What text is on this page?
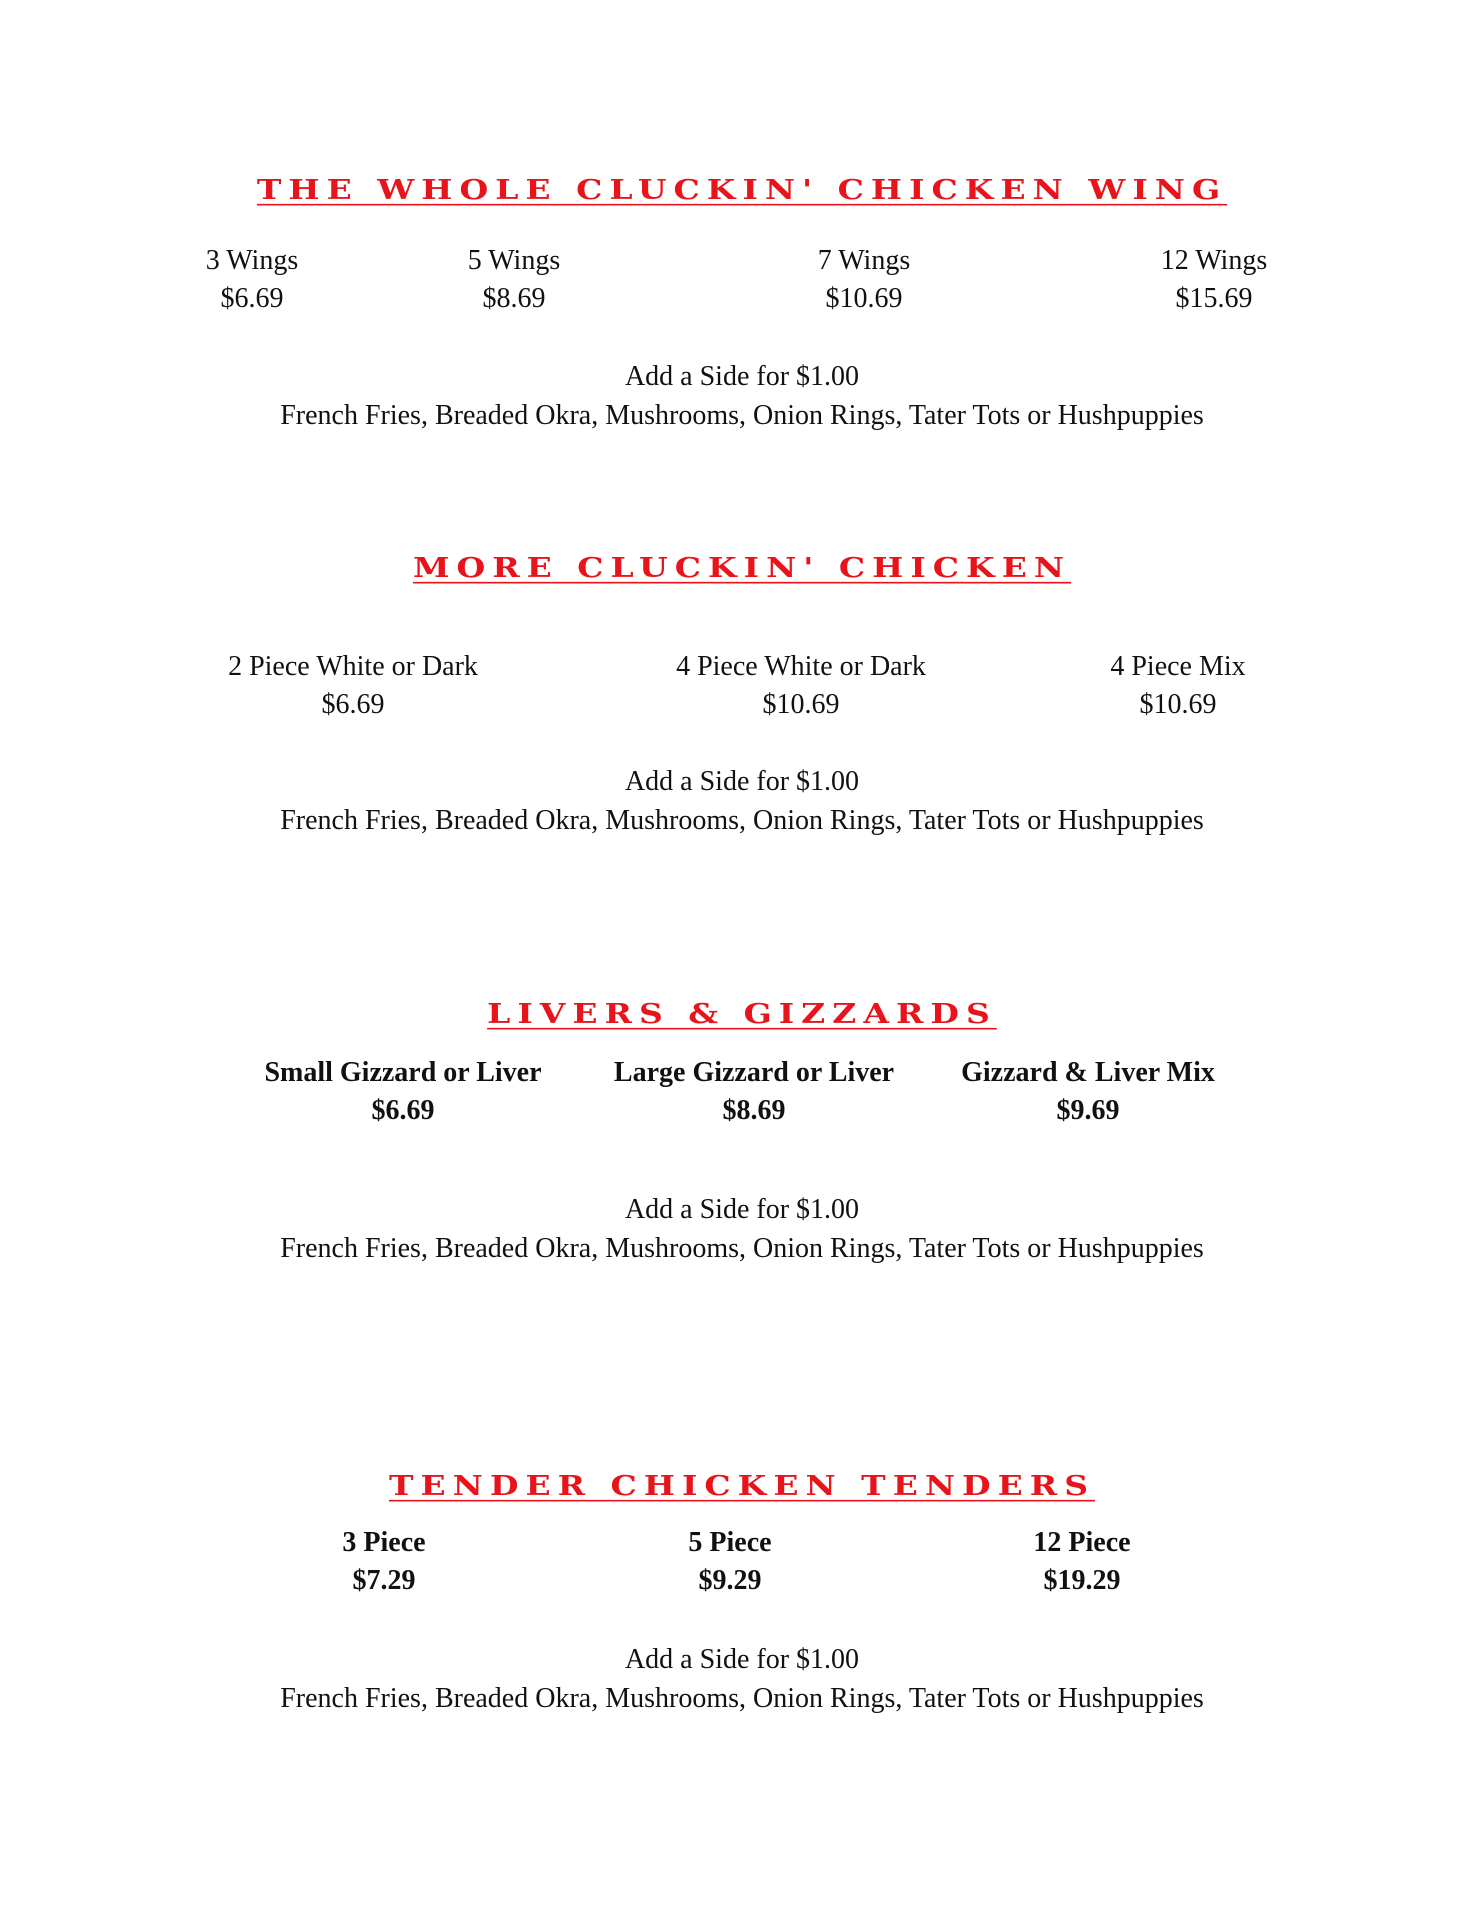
THE WHOLE CLUCKIN' CHICKEN WING
3 Wings
$6.69
5 Wings
$8.69
7 Wings
$10.69
12 Wings
$15.69
Add a Side for $1.00
French Fries, Breaded Okra, Mushrooms, Onion Rings, Tater Tots or Hushpuppies
MORE CLUCKIN' CHICKEN
2 Piece White or Dark
$6.69
4 Piece White or Dark
$10.69
4 Piece Mix
$10.69
Add a Side for $1.00
French Fries, Breaded Okra, Mushrooms, Onion Rings, Tater Tots or Hushpuppies
LIVERS & GIZZARDS
Small Gizzard or Liver
$6.69
Large Gizzard or Liver
$8.69
Gizzard & Liver Mix
$9.69
Add a Side for $1.00
French Fries, Breaded Okra, Mushrooms, Onion Rings, Tater Tots or Hushpuppies
TENDER CHICKEN TENDERS
3 Piece
$7.29
5 Piece
$9.29
12 Piece
$19.29
Add a Side for $1.00
French Fries, Breaded Okra, Mushrooms, Onion Rings, Tater Tots or Hushpuppies
